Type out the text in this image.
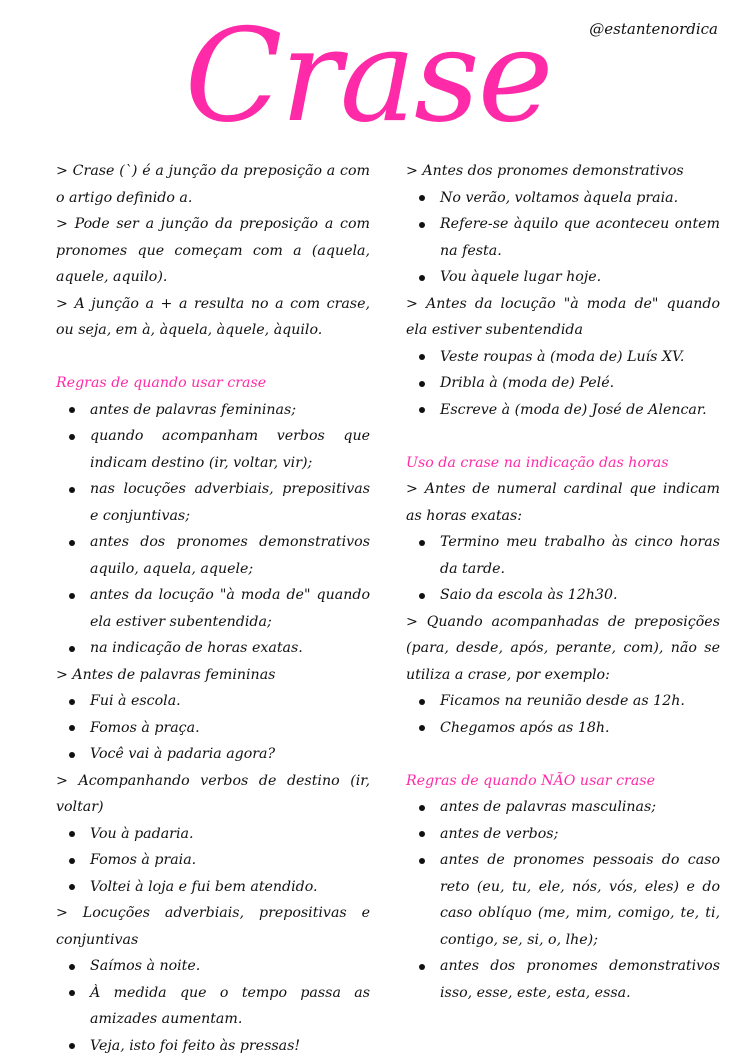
Crase	@estantenordica

> Crase (`) é a junção da preposição a com o artigo definido a.

> Pode ser a junção da preposição a com pronomes que começam com a (aquela, aquele, aquilo).

> A junção a + a resulta no a com crase, ou seja, em à, àquela, àquele, àquilo.

Regras de quando usar crase

antes de palavras femininas;
quando acompanham verbos que indicam destino (ir, voltar, vir);
nas locuções adverbiais, prepositivas e conjuntivas;
antes dos pronomes demonstrativos aquilo, aquela, aquele;
antes da locução "à moda de" quando ela estiver subentendida;
na indicação de horas exatas.

> Antes de palavras femininas

Fui à escola.
Fomos à praça.
Você vai à padaria agora?

> Acompanhando verbos de destino (ir, voltar)

Vou à padaria.
Fomos à praia.
Voltei à loja e fui bem atendido.

> Locuções adverbiais, prepositivas e conjuntivas

Saímos à noite.
À medida que o tempo passa as amizades aumentam.
Veja, isto foi feito às pressas!

> Antes dos pronomes demonstrativos

No verão, voltamos àquela praia.
Refere-se àquilo que aconteceu ontem na festa.
Vou àquele lugar hoje.

> Antes da locução "à moda de" quando ela estiver subentendida

Veste roupas à (moda de) Luís XV.
Dribla à (moda de) Pelé.
Escreve à (moda de) José de Alencar.

Uso da crase na indicação das horas

> Antes de numeral cardinal que indicam as horas exatas:

Termino meu trabalho às cinco horas da tarde.
Saio da escola às 12h30.

> Quando acompanhadas de preposições (para, desde, após, perante, com), não se utiliza a crase, por exemplo:

Ficamos na reunião desde as 12h.
Chegamos após as 18h.

Regras de quando NÃO usar crase

antes de palavras masculinas;
antes de verbos;
antes de pronomes pessoais do caso reto (eu, tu, ele, nós, vós, eles) e do caso oblíquo (me, mim, comigo, te, ti, contigo, se, si, o, lhe);
antes dos pronomes demonstrativos isso, esse, este, esta, essa.
